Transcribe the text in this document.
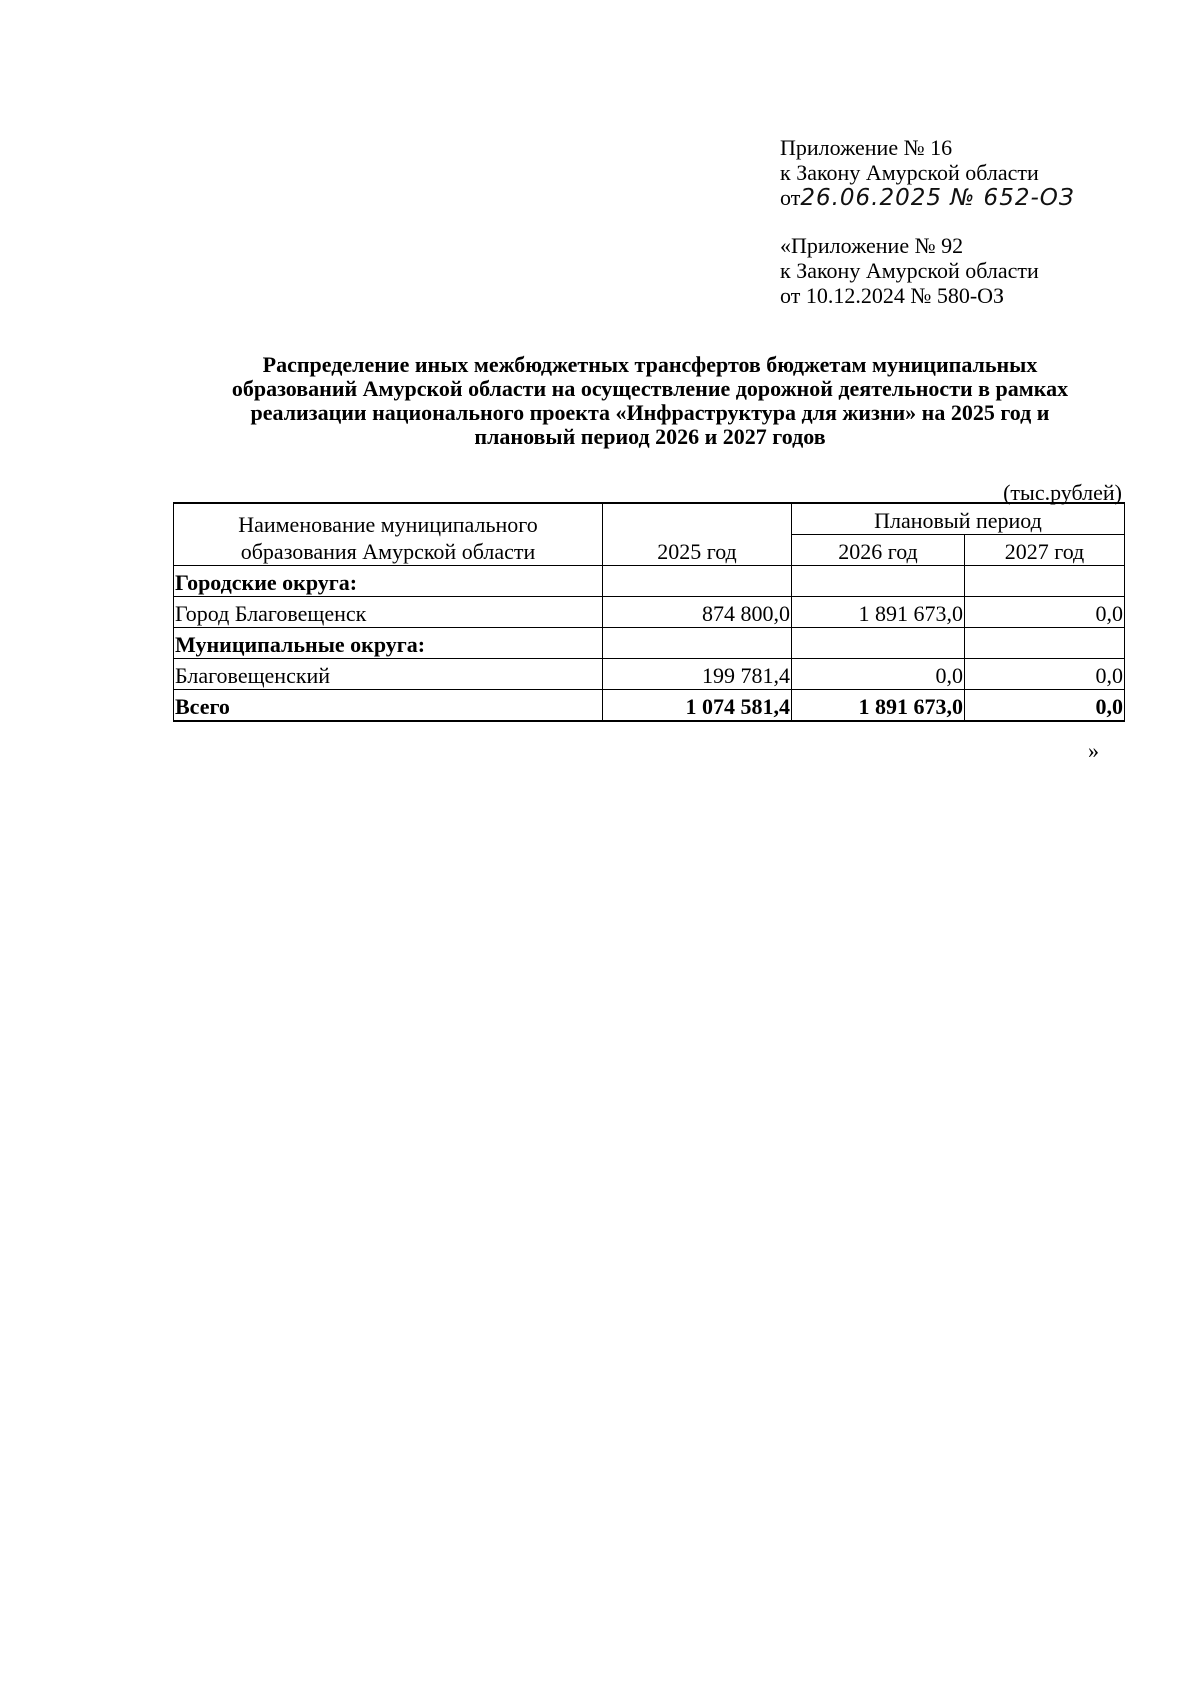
Приложение № 16
к Закону Амурской области
от26.06.2025 № 652-ОЗ
«Приложение № 92
к Закону Амурской области
от 10.12.2024 № 580-ОЗ
Распределение иных межбюджетных трансфертов бюджетам муниципальных
образований Амурской области на осуществление дорожной деятельности в рамках
реализации национального проекта «Инфраструктура для жизни» на 2025 год и
плановый период 2026 и 2027 годов
(тыс.рублей)
Наименование муниципального
образования Амурской области	2025 год	Плановый период	
		2026 год	2027 год
Городские округа:			
Город Благовещенск	874 800,0	1 891 673,0	0,0
Муниципальные округа:			
Благовещенский	199 781,4	0,0	0,0
Всего	1 074 581,4	1 891 673,0	0,0
»
